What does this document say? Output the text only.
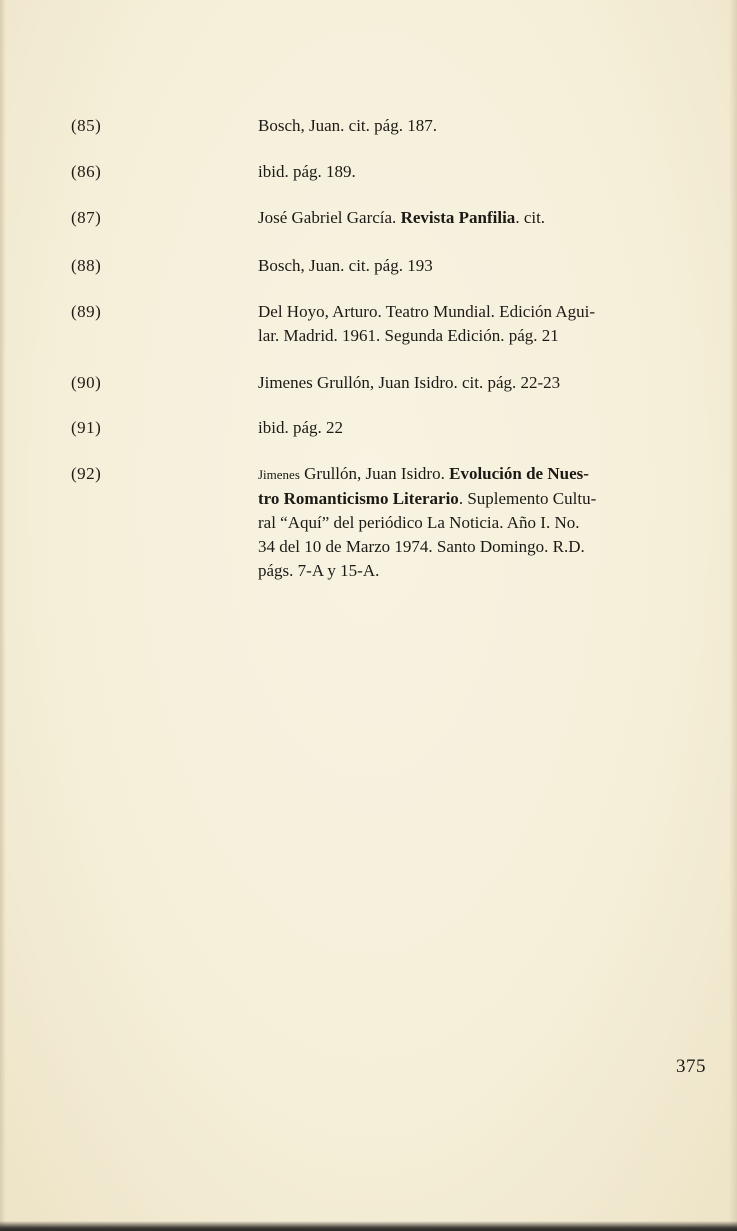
(85)	Bosch, Juan. cit. pág. 187.
(86)	ibid. pág. 189.
(87)	José Gabriel García. Revista Panfilia. cit.
(88)	Bosch, Juan. cit. pág. 193
(89)	Del Hoyo, Arturo. Teatro Mundial. Edición Agui-
lar. Madrid. 1961. Segunda Edición. pág. 21
(90)	Jimenes Grullón, Juan Isidro. cit. pág. 22-23
(91)	ibid. pág. 22
(92)	Jimenes Grullón, Juan Isidro. Evolución de Nues-
tro Romanticismo Literario. Suplemento Cultu-
ral “Aquí” del periódico La Noticia. Año I. No.
34 del 10 de Marzo 1974. Santo Domingo. R.D.
págs. 7-A y 15-A.
375
